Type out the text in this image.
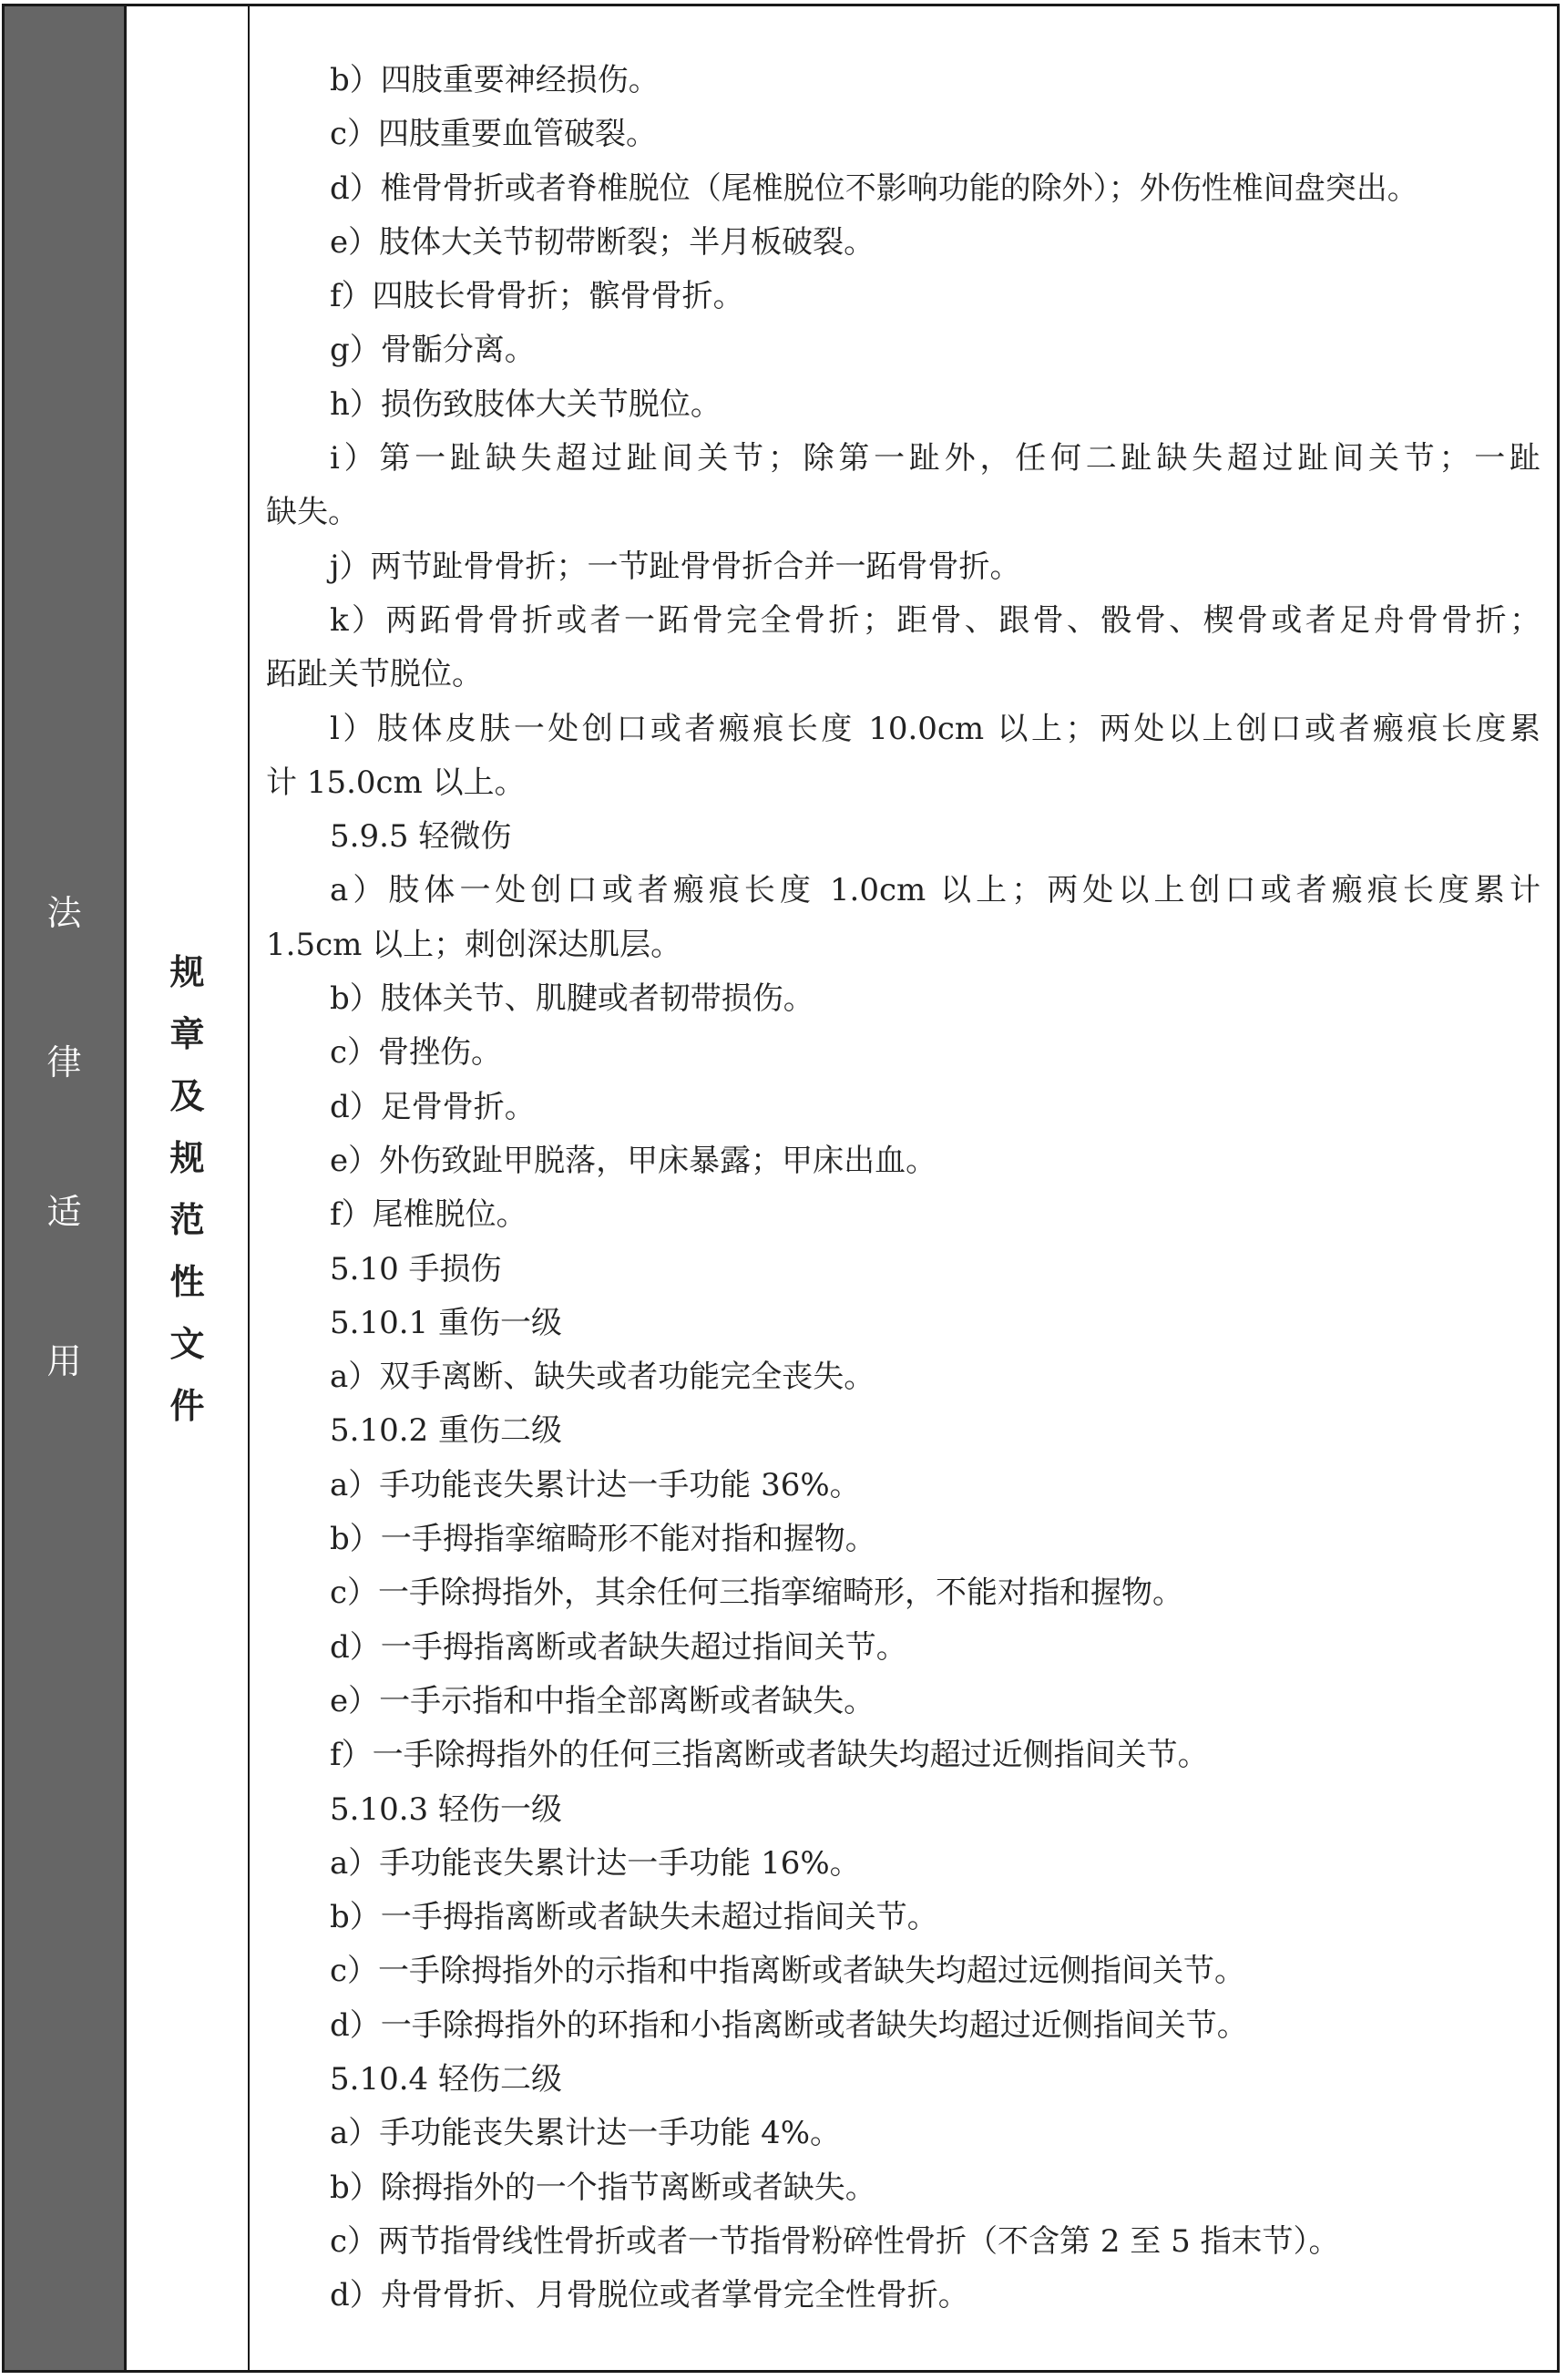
法
律
适
用
规
章
及
规
范
性
文
件
b）四肢重要神经损伤。
c）四肢重要血管破裂。
d）椎骨骨折或者脊椎脱位（尾椎脱位不影响功能的除外）；外伤性椎间盘突出。
e）肢体大关节韧带断裂；半月板破裂。
f）四肢长骨骨折；髌骨骨折。
g）骨骺分离。
h）损伤致肢体大关节脱位。
i）第一趾缺失超过趾间关节；除第一趾外，任何二趾缺失超过趾间关节；一趾
缺失。
j）两节趾骨骨折；一节趾骨骨折合并一跖骨骨折。
k）两跖骨骨折或者一跖骨完全骨折；距骨、跟骨、骰骨、楔骨或者足舟骨骨折；
跖趾关节脱位。
l）肢体皮肤一处创口或者瘢痕长度 10.0cm 以上；两处以上创口或者瘢痕长度累
计 15.0cm 以上。
5.9.5 轻微伤
a）肢体一处创口或者瘢痕长度 1.0cm 以上；两处以上创口或者瘢痕长度累计
1.5cm 以上；刺创深达肌层。
b）肢体关节、肌腱或者韧带损伤。
c）骨挫伤。
d）足骨骨折。
e）外伤致趾甲脱落，甲床暴露；甲床出血。
f）尾椎脱位。
5.10 手损伤
5.10.1 重伤一级
a）双手离断、缺失或者功能完全丧失。
5.10.2 重伤二级
a）手功能丧失累计达一手功能 36%。
b）一手拇指挛缩畸形不能对指和握物。
c）一手除拇指外，其余任何三指挛缩畸形，不能对指和握物。
d）一手拇指离断或者缺失超过指间关节。
e）一手示指和中指全部离断或者缺失。
f）一手除拇指外的任何三指离断或者缺失均超过近侧指间关节。
5.10.3 轻伤一级
a）手功能丧失累计达一手功能 16%。
b）一手拇指离断或者缺失未超过指间关节。
c）一手除拇指外的示指和中指离断或者缺失均超过远侧指间关节。
d）一手除拇指外的环指和小指离断或者缺失均超过近侧指间关节。
5.10.4 轻伤二级
a）手功能丧失累计达一手功能 4%。
b）除拇指外的一个指节离断或者缺失。
c）两节指骨线性骨折或者一节指骨粉碎性骨折（不含第 2 至 5 指末节）。
d）舟骨骨折、月骨脱位或者掌骨完全性骨折。
